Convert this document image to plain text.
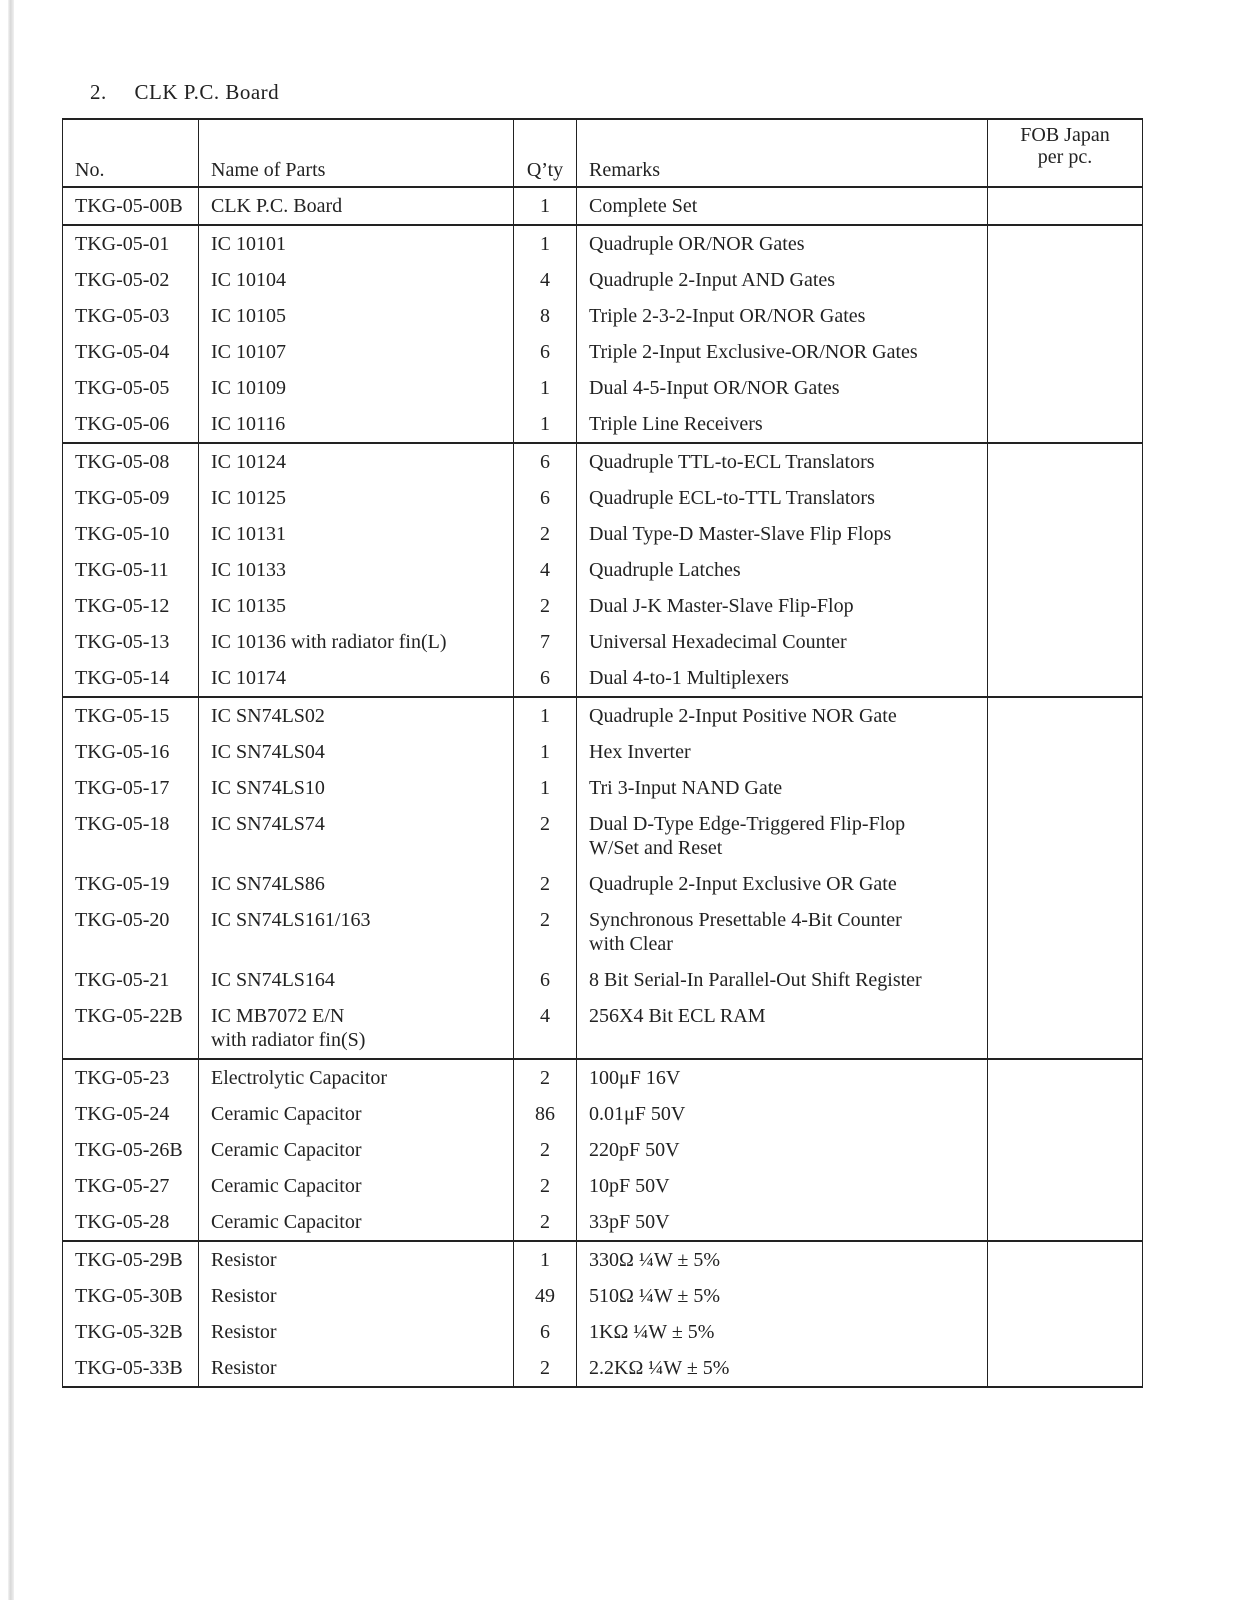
2. CLK P.C. Board
No.	Name of Parts	Q’ty	Remarks	FOB Japan
per pc.

TKG-05-00B	CLK P.C. Board	1	Complete Set	

TKG-05-01	IC 10101	1	Quadruple OR/NOR Gates	

TKG-05-02	IC 10104	4	Quadruple 2-Input AND Gates	

TKG-05-03	IC 10105	8	Triple 2-3-2-Input OR/NOR Gates	

TKG-05-04	IC 10107	6	Triple 2-Input Exclusive-OR/NOR Gates	

TKG-05-05	IC 10109	1	Dual 4-5-Input OR/NOR Gates	

TKG-05-06	IC 10116	1	Triple Line Receivers	

TKG-05-08	IC 10124	6	Quadruple TTL-to-ECL Translators	

TKG-05-09	IC 10125	6	Quadruple ECL-to-TTL Translators	

TKG-05-10	IC 10131	2	Dual Type-D Master-Slave Flip Flops	

TKG-05-11	IC 10133	4	Quadruple Latches	

TKG-05-12	IC 10135	2	Dual J-K Master-Slave Flip-Flop	

TKG-05-13	IC 10136 with radiator fin(L)	7	Universal Hexadecimal Counter	

TKG-05-14	IC 10174	6	Dual 4-to-1 Multiplexers	

TKG-05-15	IC SN74LS02	1	Quadruple 2-Input Positive NOR Gate	

TKG-05-16	IC SN74LS04	1	Hex Inverter	

TKG-05-17	IC SN74LS10	1	Tri 3-Input NAND Gate	

TKG-05-18	IC SN74LS74	2	Dual D-Type Edge-Triggered Flip-Flop
W/Set and Reset	

TKG-05-19	IC SN74LS86	2	Quadruple 2-Input Exclusive OR Gate	

TKG-05-20	IC SN74LS161/163	2	Synchronous Presettable 4-Bit Counter
with Clear	

TKG-05-21	IC SN74LS164	6	8 Bit Serial-In Parallel-Out Shift Register	

TKG-05-22B	IC MB7072 E/N
with radiator fin(S)	4	256X4 Bit ECL RAM	

TKG-05-23	Electrolytic Capacitor	2	100μF 16V	

TKG-05-24	Ceramic Capacitor	86	0.01μF 50V	

TKG-05-26B	Ceramic Capacitor	2	220pF 50V	

TKG-05-27	Ceramic Capacitor	2	10pF 50V	

TKG-05-28	Ceramic Capacitor	2	33pF 50V	

TKG-05-29B	Resistor	1	330Ω ¼W ± 5%	

TKG-05-30B	Resistor	49	510Ω ¼W ± 5%	

TKG-05-32B	Resistor	6	1KΩ ¼W ± 5%	

TKG-05-33B	Resistor	2	2.2KΩ ¼W ± 5%	
